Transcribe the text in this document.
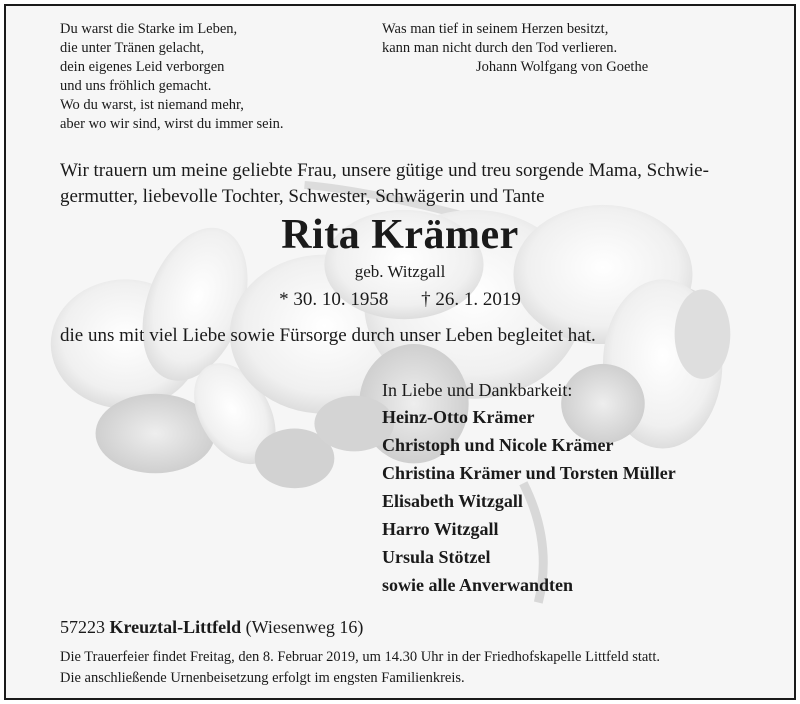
Du warst die Starke im Leben,
die unter Tränen gelacht,
dein eigenes Leid verborgen
und uns fröhlich gemacht.
Wo du warst, ist niemand mehr,
aber wo wir sind, wirst du immer sein.
Was man tief in seinem Herzen besitzt,
kann man nicht durch den Tod verlieren.
Johann Wolfgang von Goethe
Wir trauern um meine geliebte Frau, unsere gütige und treu sorgende Mama, Schwie-
germutter, liebevolle Tochter, Schwester, Schwägerin und Tante
Rita Krämer
geb. Witzgall
* 30. 10. 1958 † 26. 1. 2019
die uns mit viel Liebe sowie Fürsorge durch unser Leben begleitet hat.
In Liebe und Dankbarkeit:
Heinz-Otto Krämer
Christoph und Nicole Krämer
Christina Krämer und Torsten Müller
Elisabeth Witzgall
Harro Witzgall
Ursula Stötzel
sowie alle Anverwandten
57223 Kreuztal-Littfeld (Wiesenweg 16)
Die Trauerfeier findet Freitag, den 8. Februar 2019, um 14.30 Uhr in der Friedhofskapelle Littfeld statt.
Die anschließende Urnenbeisetzung erfolgt im engsten Familienkreis.
